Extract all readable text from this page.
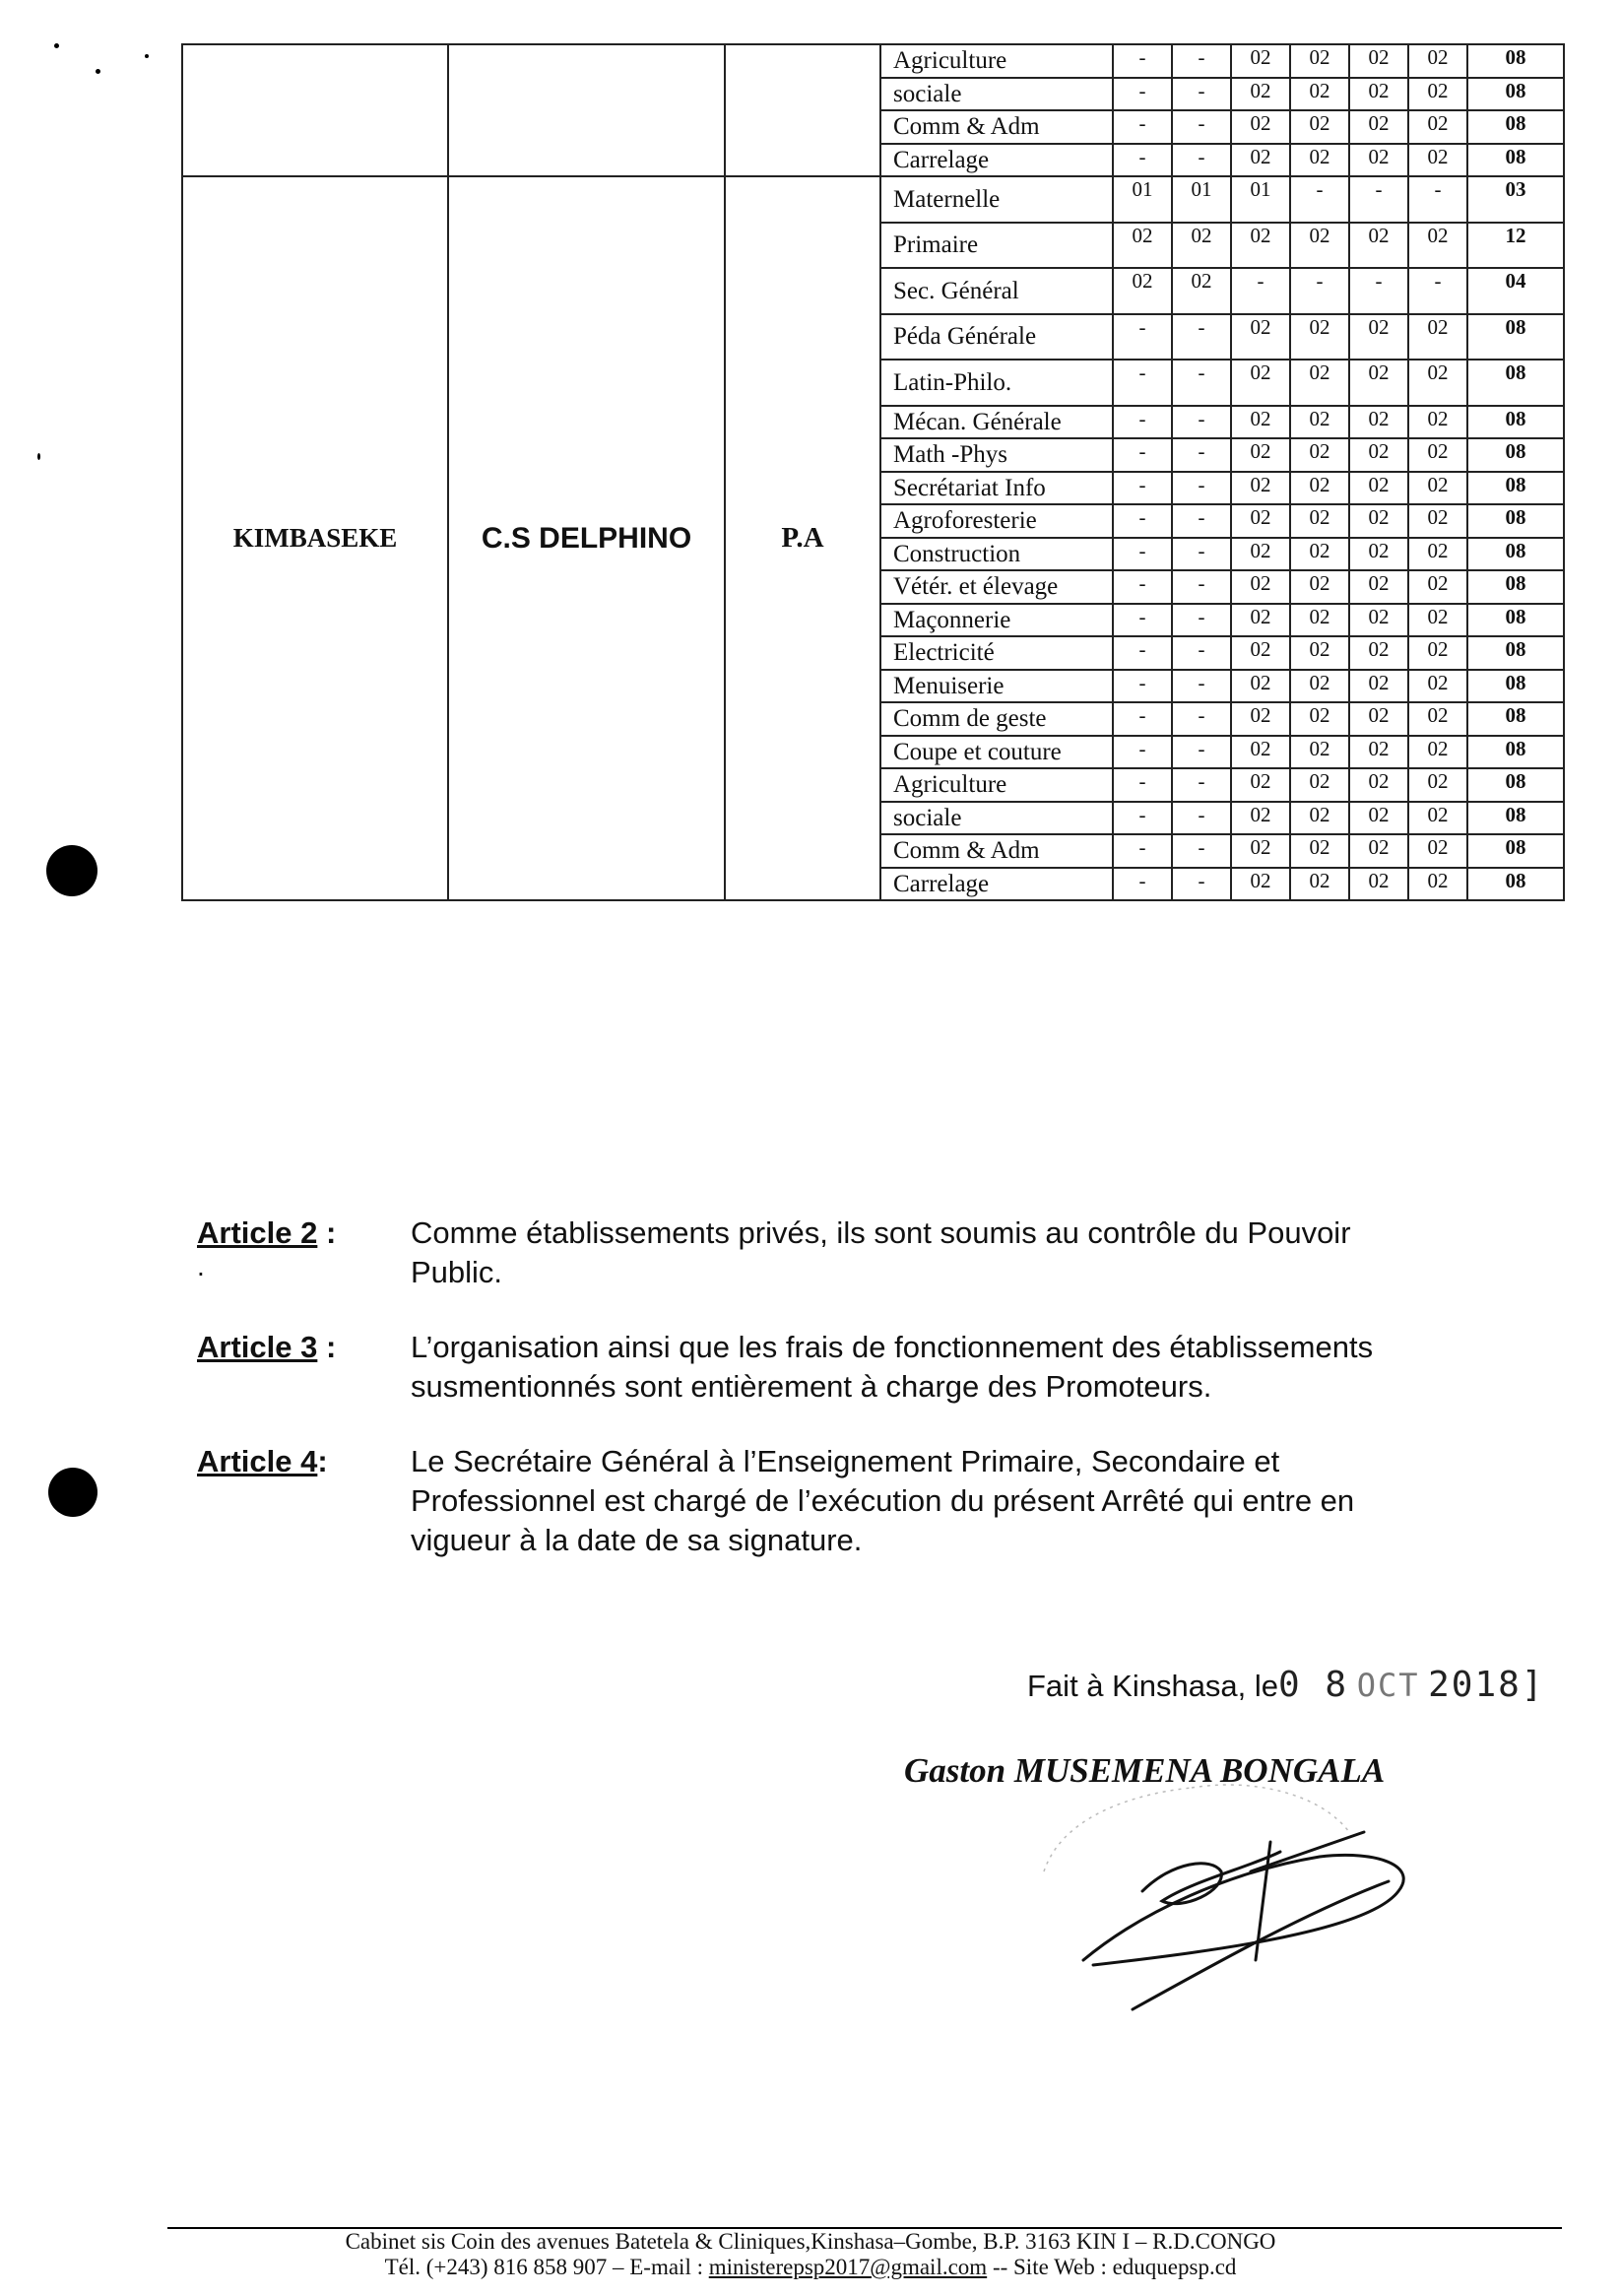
			Agriculture	-	-	02	02	02	02	08
			sociale	-	-	02	02	02	02	08
			Comm & Adm	-	-	02	02	02	02	08
			Carrelage	-	-	02	02	02	02	08
KIMBASEKE	C.S DELPHINO	P.A	Maternelle	01	01	01	-	-	-	03
			Primaire	02	02	02	02	02	02	12
			Sec. Général	02	02	-	-	-	-	04
			Péda Générale	-	-	02	02	02	02	08
			Latin-Philo.	-	-	02	02	02	02	08
			Mécan. Générale	-	-	02	02	02	02	08
			Math -Phys	-	-	02	02	02	02	08
			Secrétariat Info	-	-	02	02	02	02	08
			Agroforesterie	-	-	02	02	02	02	08
			Construction	-	-	02	02	02	02	08
			Vétér. et élevage	-	-	02	02	02	02	08
			Maçonnerie	-	-	02	02	02	02	08
			Electricité	-	-	02	02	02	02	08
			Menuiserie	-	-	02	02	02	02	08
			Comm de geste	-	-	02	02	02	02	08
			Coupe et couture	-	-	02	02	02	02	08
			Agriculture	-	-	02	02	02	02	08
			sociale	-	-	02	02	02	02	08
			Comm & Adm	-	-	02	02	02	02	08
			Carrelage	-	-	02	02	02	02	08
Article 2 : Comme établissements privés, ils sont soumis au contrôle du Pouvoir Public.
.
Article 3 : L’organisation ainsi que les frais de fonctionnement des établissements susmentionnés sont entièrement à charge des Promoteurs.
Article 4:	Le Secrétaire Général à l’Enseignement Primaire, Secondaire et Professionnel est chargé de l’exécution du présent Arrêté qui entre en vigueur à la date de sa signature.
Fait à Kinshasa, le0 8 OCT 2018]
Gaston MUSEMENA BONGALA
Cabinet sis Coin des avenues Batetela & Cliniques,Kinshasa–Gombe, B.P. 3163 KIN I – R.D.CONGO
Tél. (+243) 816 858 907 – E-mail : ministerepsp2017@gmail.com -- Site Web : eduquepsp.cd
